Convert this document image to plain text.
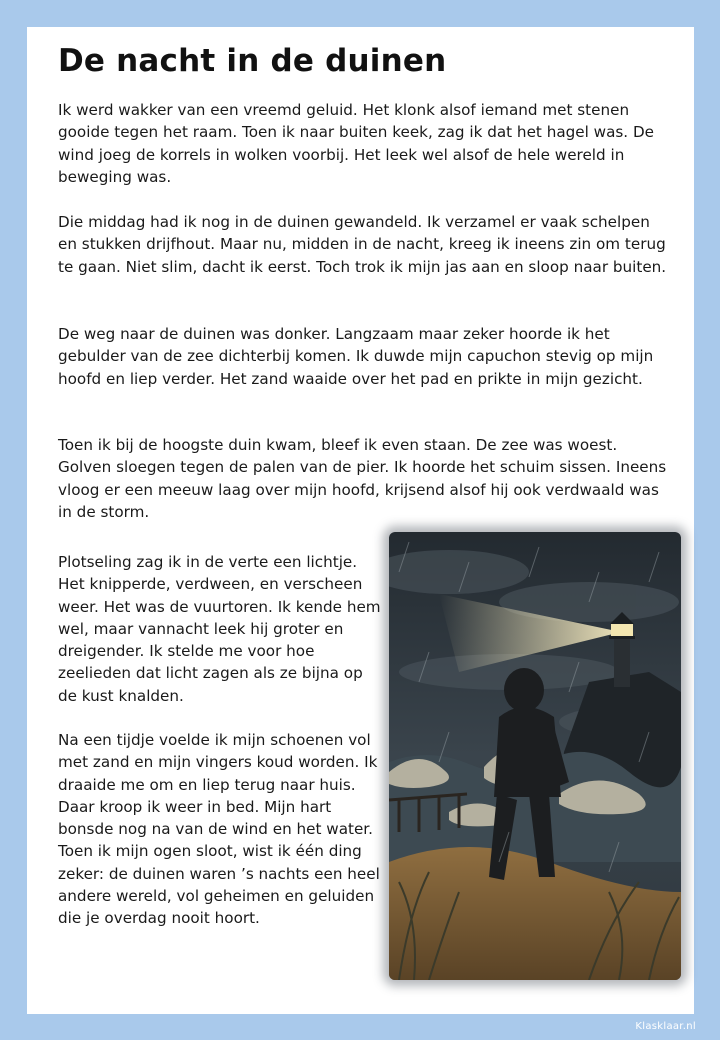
De nacht in de duinen

Ik werd wakker van een vreemd geluid. Het klonk alsof iemand met stenen gooide tegen het raam. Toen ik naar buiten keek, zag ik dat het hagel was. De wind joeg de korrels in wolken voorbij. Het leek wel alsof de hele wereld in beweging was.

Die middag had ik nog in de duinen gewandeld. Ik verzamel er vaak schelpen en stukken drijfhout. Maar nu, midden in de nacht, kreeg ik ineens zin om terug te gaan. Niet slim, dacht ik eerst. Toch trok ik mijn jas aan en sloop naar buiten.

De weg naar de duinen was donker. Langzaam maar zeker hoorde ik het gebulder van de zee dichterbij komen. Ik duwde mijn capuchon stevig op mijn hoofd en liep verder. Het zand waaide over het pad en prikte in mijn gezicht.

Toen ik bij de hoogste duin kwam, bleef ik even staan. De zee was woest. Golven sloegen tegen de palen van de pier. Ik hoorde het schuim sissen. Ineens vloog er een meeuw laag over mijn hoofd, krijsend alsof hij ook verdwaald was in de storm.

Plotseling zag ik in de verte een lichtje. Het knipperde, verdween, en verscheen weer. Het was de vuurtoren. Ik kende hem wel, maar vannacht leek hij groter en dreigender. Ik stelde me voor hoe zeelieden dat licht zagen als ze bijna op de kust knalden.

Na een tijdje voelde ik mijn schoenen vol met zand en mijn vingers koud worden. Ik draaide me om en liep terug naar huis. Daar kroop ik weer in bed. Mijn hart bonsde nog na van de wind en het water.
Toen ik mijn ogen sloot, wist ik één ding zeker: de duinen waren ’s nachts een heel andere wereld, vol geheimen en geluiden die je overdag nooit hoort.
Klasklaar.nl
